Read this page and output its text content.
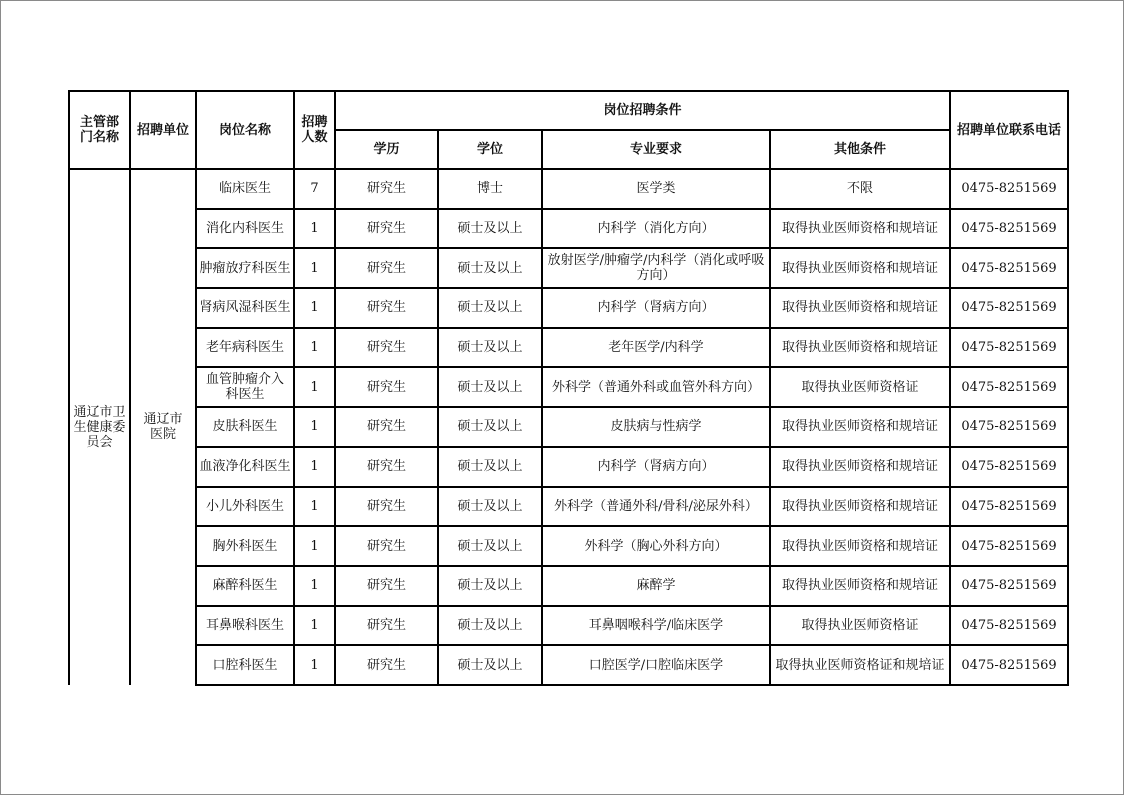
主管部门名称	招聘单位	岗位名称	招聘人数	岗位招聘条件				招聘单位联系电话
				学历	学位	专业要求	其他条件	
通辽市卫生健康委员会	通辽市医院	临床医生	7	研究生	博士	医学类	不限	0475-8251569
		消化内科医生	1	研究生	硕士及以上	内科学（消化方向）	取得执业医师资格和规培证	0475-8251569
		肿瘤放疗科医生	1	研究生	硕士及以上	放射医学/肿瘤学/内科学（消化或呼吸方向）	取得执业医师资格和规培证	0475-8251569
		肾病风湿科医生	1	研究生	硕士及以上	内科学（肾病方向）	取得执业医师资格和规培证	0475-8251569
		老年病科医生	1	研究生	硕士及以上	老年医学/内科学	取得执业医师资格和规培证	0475-8251569
		血管肿瘤介入科医生	1	研究生	硕士及以上	外科学（普通外科或血管外科方向）	取得执业医师资格证	0475-8251569
		皮肤科医生	1	研究生	硕士及以上	皮肤病与性病学	取得执业医师资格和规培证	0475-8251569
		血液净化科医生	1	研究生	硕士及以上	内科学（肾病方向）	取得执业医师资格和规培证	0475-8251569
		小儿外科医生	1	研究生	硕士及以上	外科学（普通外科/骨科/泌尿外科）	取得执业医师资格和规培证	0475-8251569
		胸外科医生	1	研究生	硕士及以上	外科学（胸心外科方向）	取得执业医师资格和规培证	0475-8251569
		麻醉科医生	1	研究生	硕士及以上	麻醉学	取得执业医师资格和规培证	0475-8251569
		耳鼻喉科医生	1	研究生	硕士及以上	耳鼻咽喉科学/临床医学	取得执业医师资格证	0475-8251569
		口腔科医生	1	研究生	硕士及以上	口腔医学/口腔临床医学	取得执业医师资格证和规培证	0475-8251569
